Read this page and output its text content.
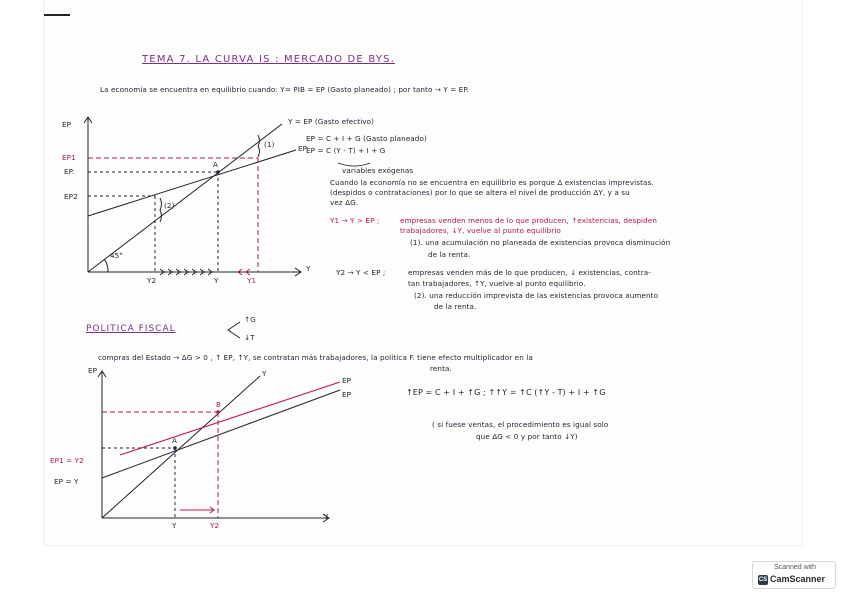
TEMA 7. LA CURVA IS : MERCADO DE BYS.
La economía se encuentra en equilibrio cuando: Y= PIB = EP (Gasto planeado) ; por tanto → Y = EP.
EP
Y
Y = EP (Gasto efectivo)
EP
45°
EP1
EP.
EP2
Y2	Y	Y1
A
(1)
(2)
EP = C + I + G (Gasto planeado)
EP = C (Y - T) + I + G
variables exógenas
Cuando la economía no se encuentra en equilibrio es porque Δ existencias imprevistas.
(despidos o contrataciones) por lo que se altera el nivel de producción ΔY, y a su
vez ΔG.
Y1 → Y > EP ;	empresas venden menos de lo que producen, ↑existencias, despiden
trabajadores, ↓Y, vuelve al punto equilibrio
(1). una acumulación no planeada de existencias provoca disminución
de la renta.
Y2 → Y < EP ;	empresas venden más de lo que producen, ↓ existencias, contra-
tan trabajadores, ↑Y, vuelve al punto equilibrio.
(2). una reducción imprevista de las existencias provoca aumento
de la renta.
POLITICA FISCAL
↑G
↓T
compras del Estado → ΔG > 0 , ↑ EP, ↑Y, se contratan más trabajadores, la política F. tiene efecto multiplicador en la
renta.
EP
Y
Y
EP
EP
EP1 = Y2
EP = Y
A
B
Y	Y2
↑EP = C + I + ↑G ; ↑↑Y = ↑C (↑Y - T) + I + ↑G
( si fuese ventas, el procedimiento es igual solo
que ΔG < 0 y por tanto ↓Y)
Scanned with
CS CamScanner
